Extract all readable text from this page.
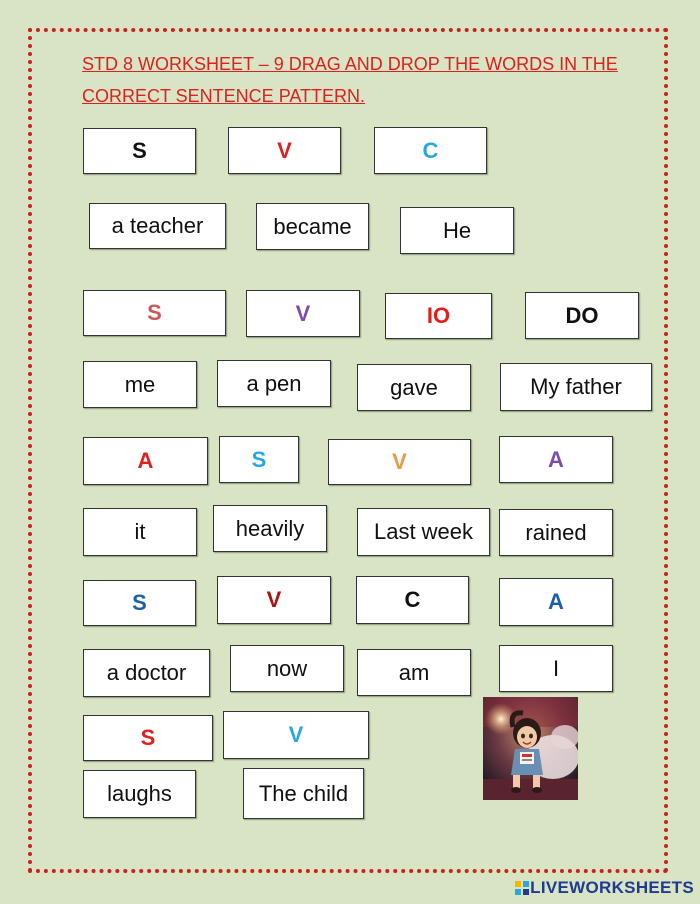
STD 8 WORKSHEET – 9 DRAG AND DROP THE WORDS IN THE CORRECT SENTENCE PATTERN.
S	V	C
a teacher	became	He
S	V	IO	DO
me	a pen	gave	My father
A	S	V	A
it	heavily	Last week	rained
S	V	C	A
a doctor	now	am	I
S	V
laughs	The child
LIVEWORKSHEETS
